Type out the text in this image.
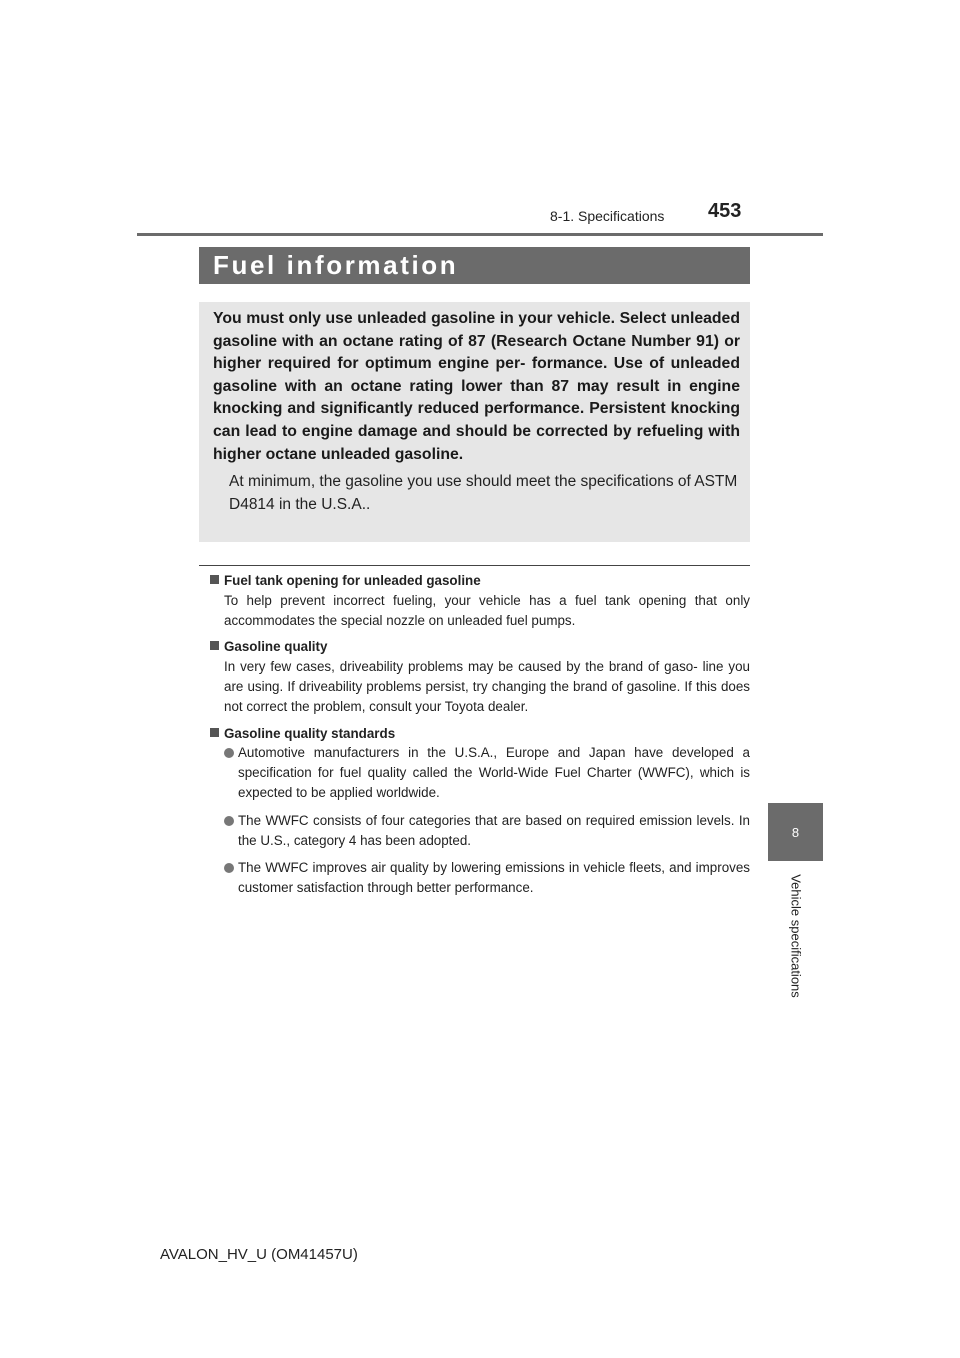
8-1. Specifications 453
8
Vehicle specifications
Fuel information

You must only use unleaded gasoline in your vehicle. Select unleaded gasoline with an octane rating of 87 (Research Octane Number 91) or higher required for optimum engine per- formance. Use of unleaded gasoline with an octane rating lower than 87 may result in engine knocking and significantly reduced performance. Persistent knocking can lead to engine damage and should be corrected by refueling with higher octane unleaded gasoline.

At minimum, the gasoline you use should meet the specifications of ASTM D4814 in the U.S.A..

Fuel tank opening for unleaded gasoline

To help prevent incorrect fueling, your vehicle has a fuel tank opening that only accommodates the special nozzle on unleaded fuel pumps.

Gasoline quality

In very few cases, driveability problems may be caused by the brand of gaso- line you are using. If driveability problems persist, try changing the brand of gasoline. If this does not correct the problem, consult your Toyota dealer.

Gasoline quality standards
Automotive manufacturers in the U.S.A., Europe and Japan have developed a specification for fuel quality called the World-Wide Fuel Charter (WWFC), which is expected to be applied worldwide.
The WWFC consists of four categories that are based on required emission levels. In the U.S., category 4 has been adopted.
The WWFC improves air quality by lowering emissions in vehicle fleets, and improves customer satisfaction through better performance.
AVALON_HV_U (OM41457U)
